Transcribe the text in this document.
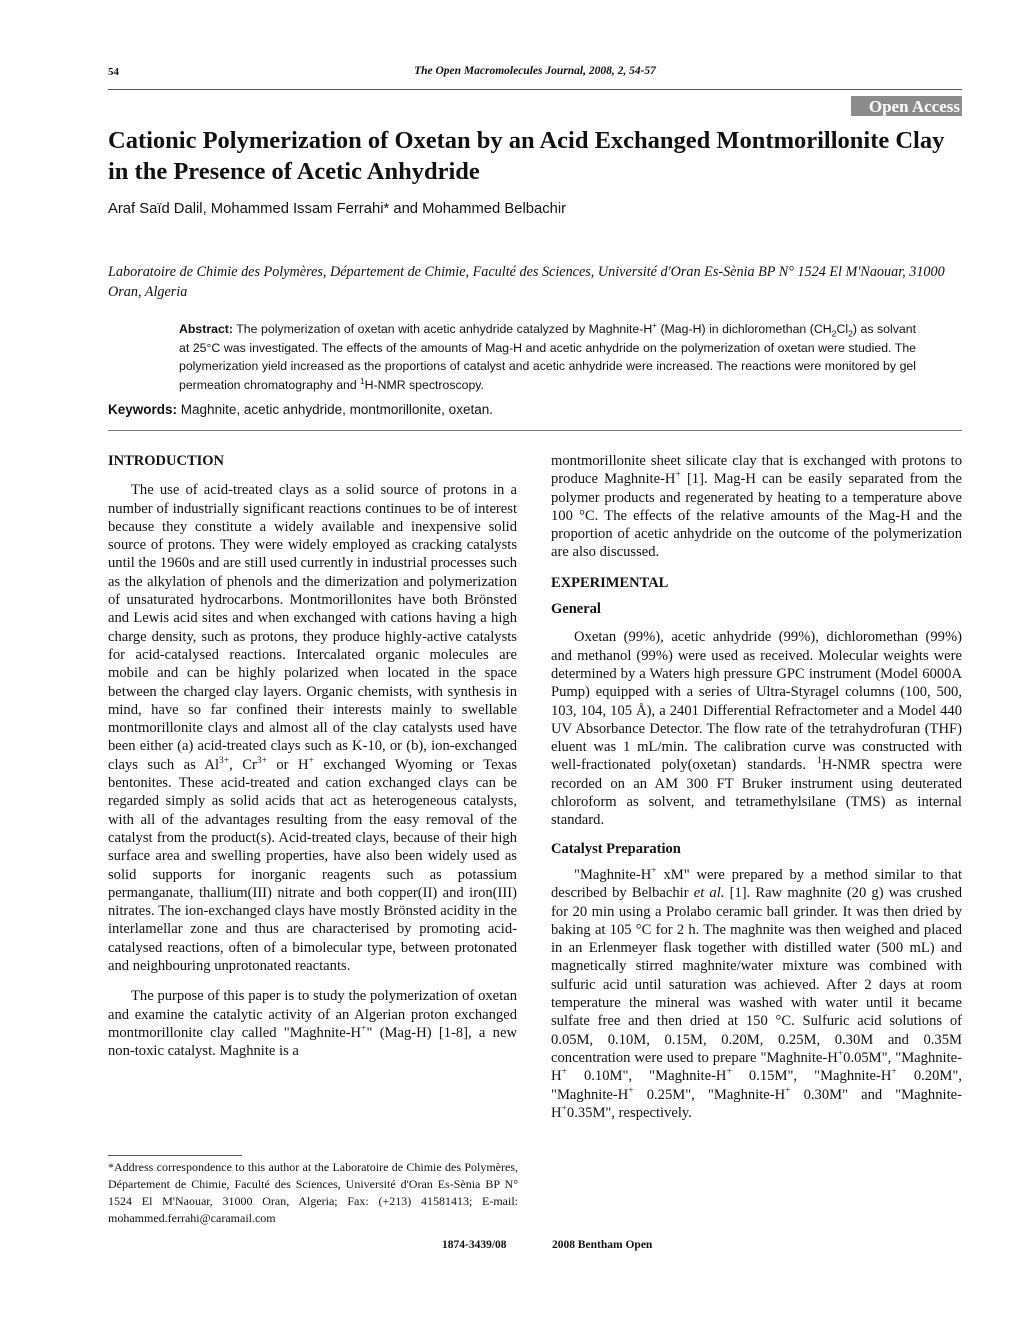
54	The Open Macromolecules Journal, 2008, 2, 54-57
Open Access
Cationic Polymerization of Oxetan by an Acid Exchanged Montmorillonite Clay in the Presence of Acetic Anhydride
Araf Saïd Dalil, Mohammed Issam Ferrahi* and Mohammed Belbachir
Laboratoire de Chimie des Polymères, Département de Chimie, Faculté des Sciences, Université d'Oran Es-Sènia BP N° 1524 El M'Naouar, 31000 Oran, Algeria
Abstract: The polymerization of oxetan with acetic anhydride catalyzed by Maghnite-H+ (Mag-H) in dichloromethan $(CH_2Cl_2)$ as solvant at 25°C was investigated. The effects of the amounts of Mag-H and acetic anhydride on the polymerization of oxetan were studied. The polymerization yield increased as the proportions of catalyst and acetic anhydride were increased. The reactions were monitored by gel permeation chromatography and $^1$H-NMR spectroscopy.
Keywords: Maghnite, acetic anhydride, montmorillonite, oxetan.

INTRODUCTION

The use of acid-treated clays as a solid source of protons in a number of industrially significant reactions continues to be of interest because they constitute a widely available and inexpensive solid source of protons. They were widely employed as cracking catalysts until the 1960s and are still used currently in industrial processes such as the alkylation of phenols and the dimerization and polymerization of unsaturated hydrocarbons. Montmorillonites have both Brönsted and Lewis acid sites and when exchanged with cations having a high charge density, such as protons, they produce highly-active catalysts for acid-catalysed reactions. Intercalated organic molecules are mobile and can be highly polarized when located in the space between the charged clay layers. Organic chemists, with synthesis in mind, have so far confined their interests mainly to swellable montmorillonite clays and almost all of the clay catalysts used have been either (a) acid-treated clays such as K-10, or (b), ion-exchanged clays such as $Al^{3+}$, $Cr^{3+}$ or H+ exchanged Wyoming or Texas bentonites. These acid-treated and cation exchanged clays can be regarded simply as solid acids that act as heterogeneous catalysts, with all of the advantages resulting from the easy removal of the catalyst from the product(s). Acid-treated clays, because of their high surface area and swelling properties, have also been widely used as solid supports for inorganic reagents such as potassium permanganate, thallium(III) nitrate and both copper(II) and iron(III) nitrates. The ion-exchanged clays have mostly Brönsted acidity in the interlamellar zone and thus are characterised by promoting acid-catalysed reactions, often of a bimolecular type, between protonated and neighbouring unprotonated reactants.

The purpose of this paper is to study the polymerization of oxetan and examine the catalytic activity of an Algerian proton exchanged montmorillonite clay called "Maghnite-H+" (Mag-H) [1-8], a new non-toxic catalyst. Maghnite is a

*Address correspondence to this author at the Laboratoire de Chimie des Polymères, Département de Chimie, Faculté des Sciences, Université d'Oran Es-Sènia BP N° 1524 El M'Naouar, 31000 Oran, Algeria; Fax: (+213) 41581413; E-mail: mohammed.ferrahi@caramail.com

montmorillonite sheet silicate clay that is exchanged with protons to produce Maghnite-H+ [1]. Mag-H can be easily separated from the polymer products and regenerated by heating to a temperature above 100 °C. The effects of the relative amounts of the Mag-H and the proportion of acetic anhydride on the outcome of the polymerization are also discussed.

EXPERIMENTAL

General

Oxetan (99%), acetic anhydride (99%), dichloromethan (99%) and methanol (99%) were used as received. Molecular weights were determined by a Waters high pressure GPC instrument (Model 6000A Pump) equipped with a series of Ultra-Styragel columns (100, 500, 103, 104, 105 Å), a 2401 Differential Refractometer and a Model 440 UV Absorbance Detector. The flow rate of the tetrahydrofuran (THF) eluent was 1 mL/min. The calibration curve was constructed with well-fractionated poly(oxetan) standards. $^1$H-NMR spectra were recorded on an AM 300 FT Bruker instrument using deuterated chloroform as solvent, and tetramethylsilane (TMS) as internal standard.

Catalyst Preparation

"Maghnite-H+ xM" were prepared by a method similar to that described by Belbachir et al. [1]. Raw maghnite (20 g) was crushed for 20 min using a Prolabo ceramic ball grinder. It was then dried by baking at 105 °C for 2 h. The maghnite was then weighed and placed in an Erlenmeyer flask together with distilled water (500 mL) and magnetically stirred maghnite/water mixture was combined with sulfuric acid until saturation was achieved. After 2 days at room temperature the mineral was washed with water until it became sulfate free and then dried at 150 °C. Sulfuric acid solutions of 0.05M, 0.10M, 0.15M, 0.20M, 0.25M, 0.30M and 0.35M concentration were used to prepare "Maghnite-H+0.05M", "Maghnite-H+ 0.10M", "Maghnite-H+ 0.15M", "Maghnite-H+ 0.20M", "Maghnite-H+ 0.25M", "Maghnite-H+ 0.30M" and "Maghnite-H+0.35M", respectively.

1874-3439/08	2008 Bentham Open
